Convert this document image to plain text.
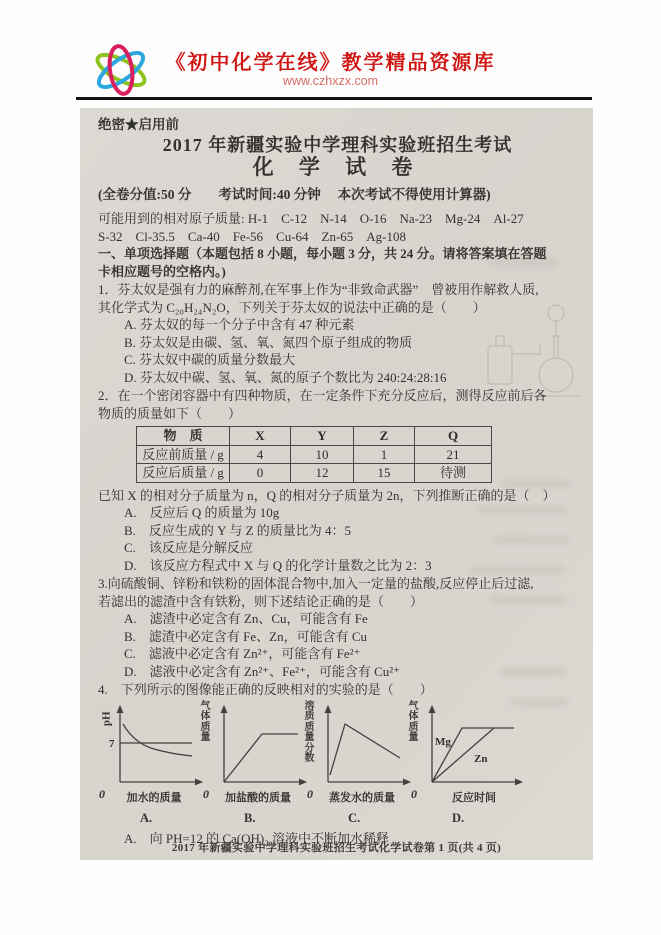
《初中化学在线》教学精品资源库
www.czhxzx.com
绝密★启用前
2017 年新疆实验中学理科实验班招生考试
化 学 试 卷
(全卷分值:50 分　　考试时间:40 分钟　 本次考试不得使用计算器)
可能用到的相对原子质量: H-1　C-12　N-14　O-16　Na-23　Mg-24　Al-27
S-32　Cl-35.5　Ca-40　Fe-56　Cu-64　Zn-65　Ag-108
一、单项选择题（本题包括 8 小题，每小题 3 分，共 24 分。请将答案填在答题
卡相应题号的空格内。)
1．芬太奴是强有力的麻醉剂,在军事上作为“非致命武器”　曾被用作解救人质,
其化学式为 C₂₀H₂₄N₂O，下列关于芬太奴的说法中正确的是（　　）
A. 芬太奴的每一个分子中含有 47 种元素
B. 芬太奴是由碳、氢、氧、氮四个原子组成的物质
C. 芬太奴中碳的质量分数最大
D. 芬太奴中碳、氢、氧、氮的原子个数比为 240:24:28:16
2．在一个密闭容器中有四种物质，在一定条件下充分反应后，测得反应前后各
物质的质量如下（　　）
物　质	X	Y	Z	Q
反应前质量 / g	4	10	1	21
反应后质量 / g	0	12	15	待测
已知 X 的相对分子质量为 n，Q 的相对分子质量为 2n，下列推断正确的是（　）
A.　反应后 Q 的质量为 10g
B.　反应生成的 Y 与 Z 的质量比为 4：5
C.　该反应是分解反应
D.　该反应方程式中 X 与 Q 的化学计量数之比为 2：3
3.向硫酸铜、锌粉和铁粉的固体混合物中,加入一定量的盐酸,反应停止后过滤,
若滤出的滤渣中含有铁粉，则下述结论正确的是（　　）
A.　滤渣中必定含有 Zn、Cu，可能含有 Fe
B.　滤渣中必定含有 Fe、Zn，可能含有 Cu
C.　滤液中必定含有 Zn²⁺，可能含有 Fe²⁺
D.　滤液中必定含有 Zn²⁺、Fe²⁺，可能含有 Cu²⁺
4.　下列所示的图像能正确的反映相对的实验的是（　　）
pH
7
0	加水的质量
A.
气体质量
0	加盐酸的质量
B.
溶质质量分数
0	蒸发水的质量
C.
气体质量 Mg
Zn
0	反应时间
D.
A.　向 PH=12 的 Ca(OH)₂ 溶液中不断加水稀释
2017 年新疆实验中学理科实验班招生考试化学试卷第 1 页(共 4 页)
